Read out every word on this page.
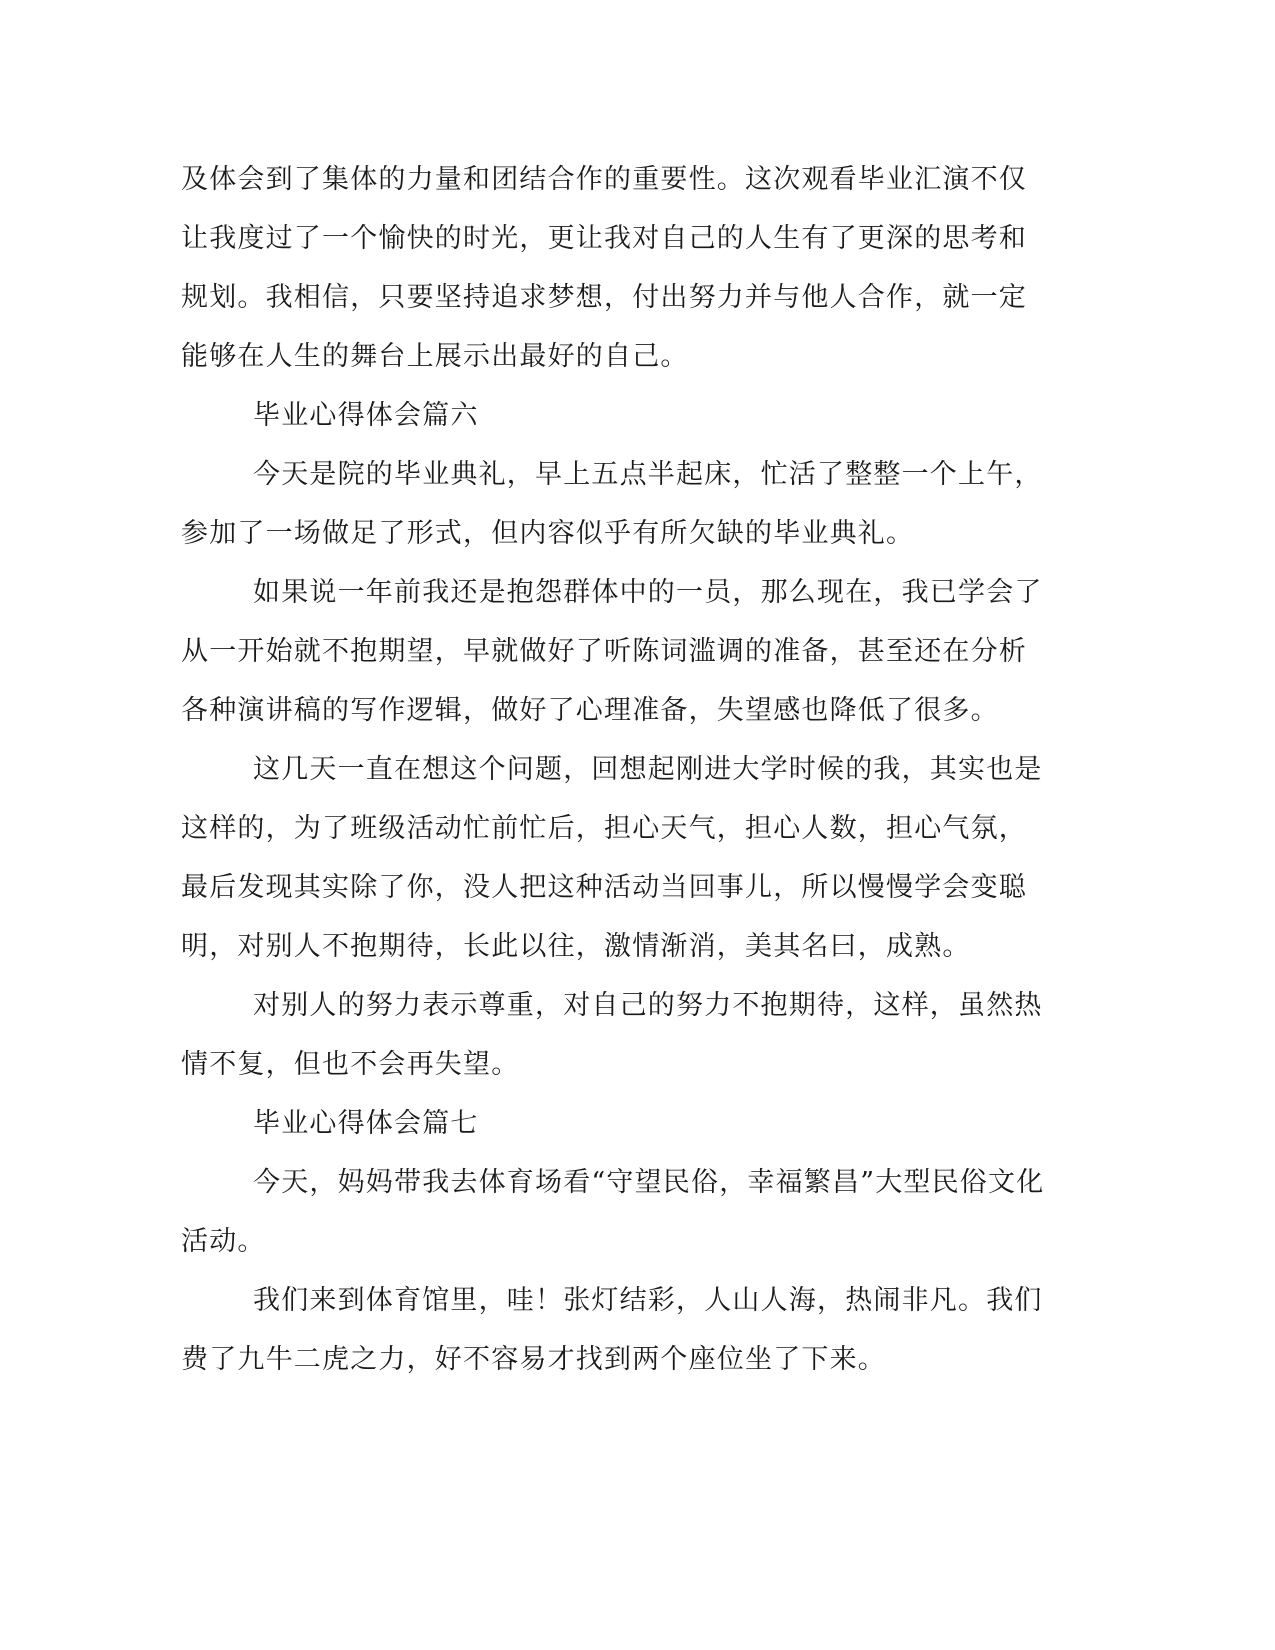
及体会到了集体的力量和团结合作的重要性。这次观看毕业汇演不仅
让我度过了一个愉快的时光，更让我对自己的人生有了更深的思考和
规划。我相信，只要坚持追求梦想，付出努力并与他人合作，就一定
能够在人生的舞台上展示出最好的自己。
毕业心得体会篇六
今天是院的毕业典礼，早上五点半起床，忙活了整整一个上午，
参加了一场做足了形式，但内容似乎有所欠缺的毕业典礼。
如果说一年前我还是抱怨群体中的一员，那么现在，我已学会了
从一开始就不抱期望，早就做好了听陈词滥调的准备，甚至还在分析
各种演讲稿的写作逻辑，做好了心理准备，失望感也降低了很多。
这几天一直在想这个问题，回想起刚进大学时候的我，其实也是
这样的，为了班级活动忙前忙后，担心天气，担心人数，担心气氛，
最后发现其实除了你，没人把这种活动当回事儿，所以慢慢学会变聪
明，对别人不抱期待，长此以往，激情渐消，美其名曰，成熟。
对别人的努力表示尊重，对自己的努力不抱期待，这样，虽然热
情不复，但也不会再失望。
毕业心得体会篇七
今天，妈妈带我去体育场看“守望民俗，幸福繁昌”大型民俗文化
活动。
我们来到体育馆里，哇！张灯结彩，人山人海，热闹非凡。我们
费了九牛二虎之力，好不容易才找到两个座位坐了下来。
